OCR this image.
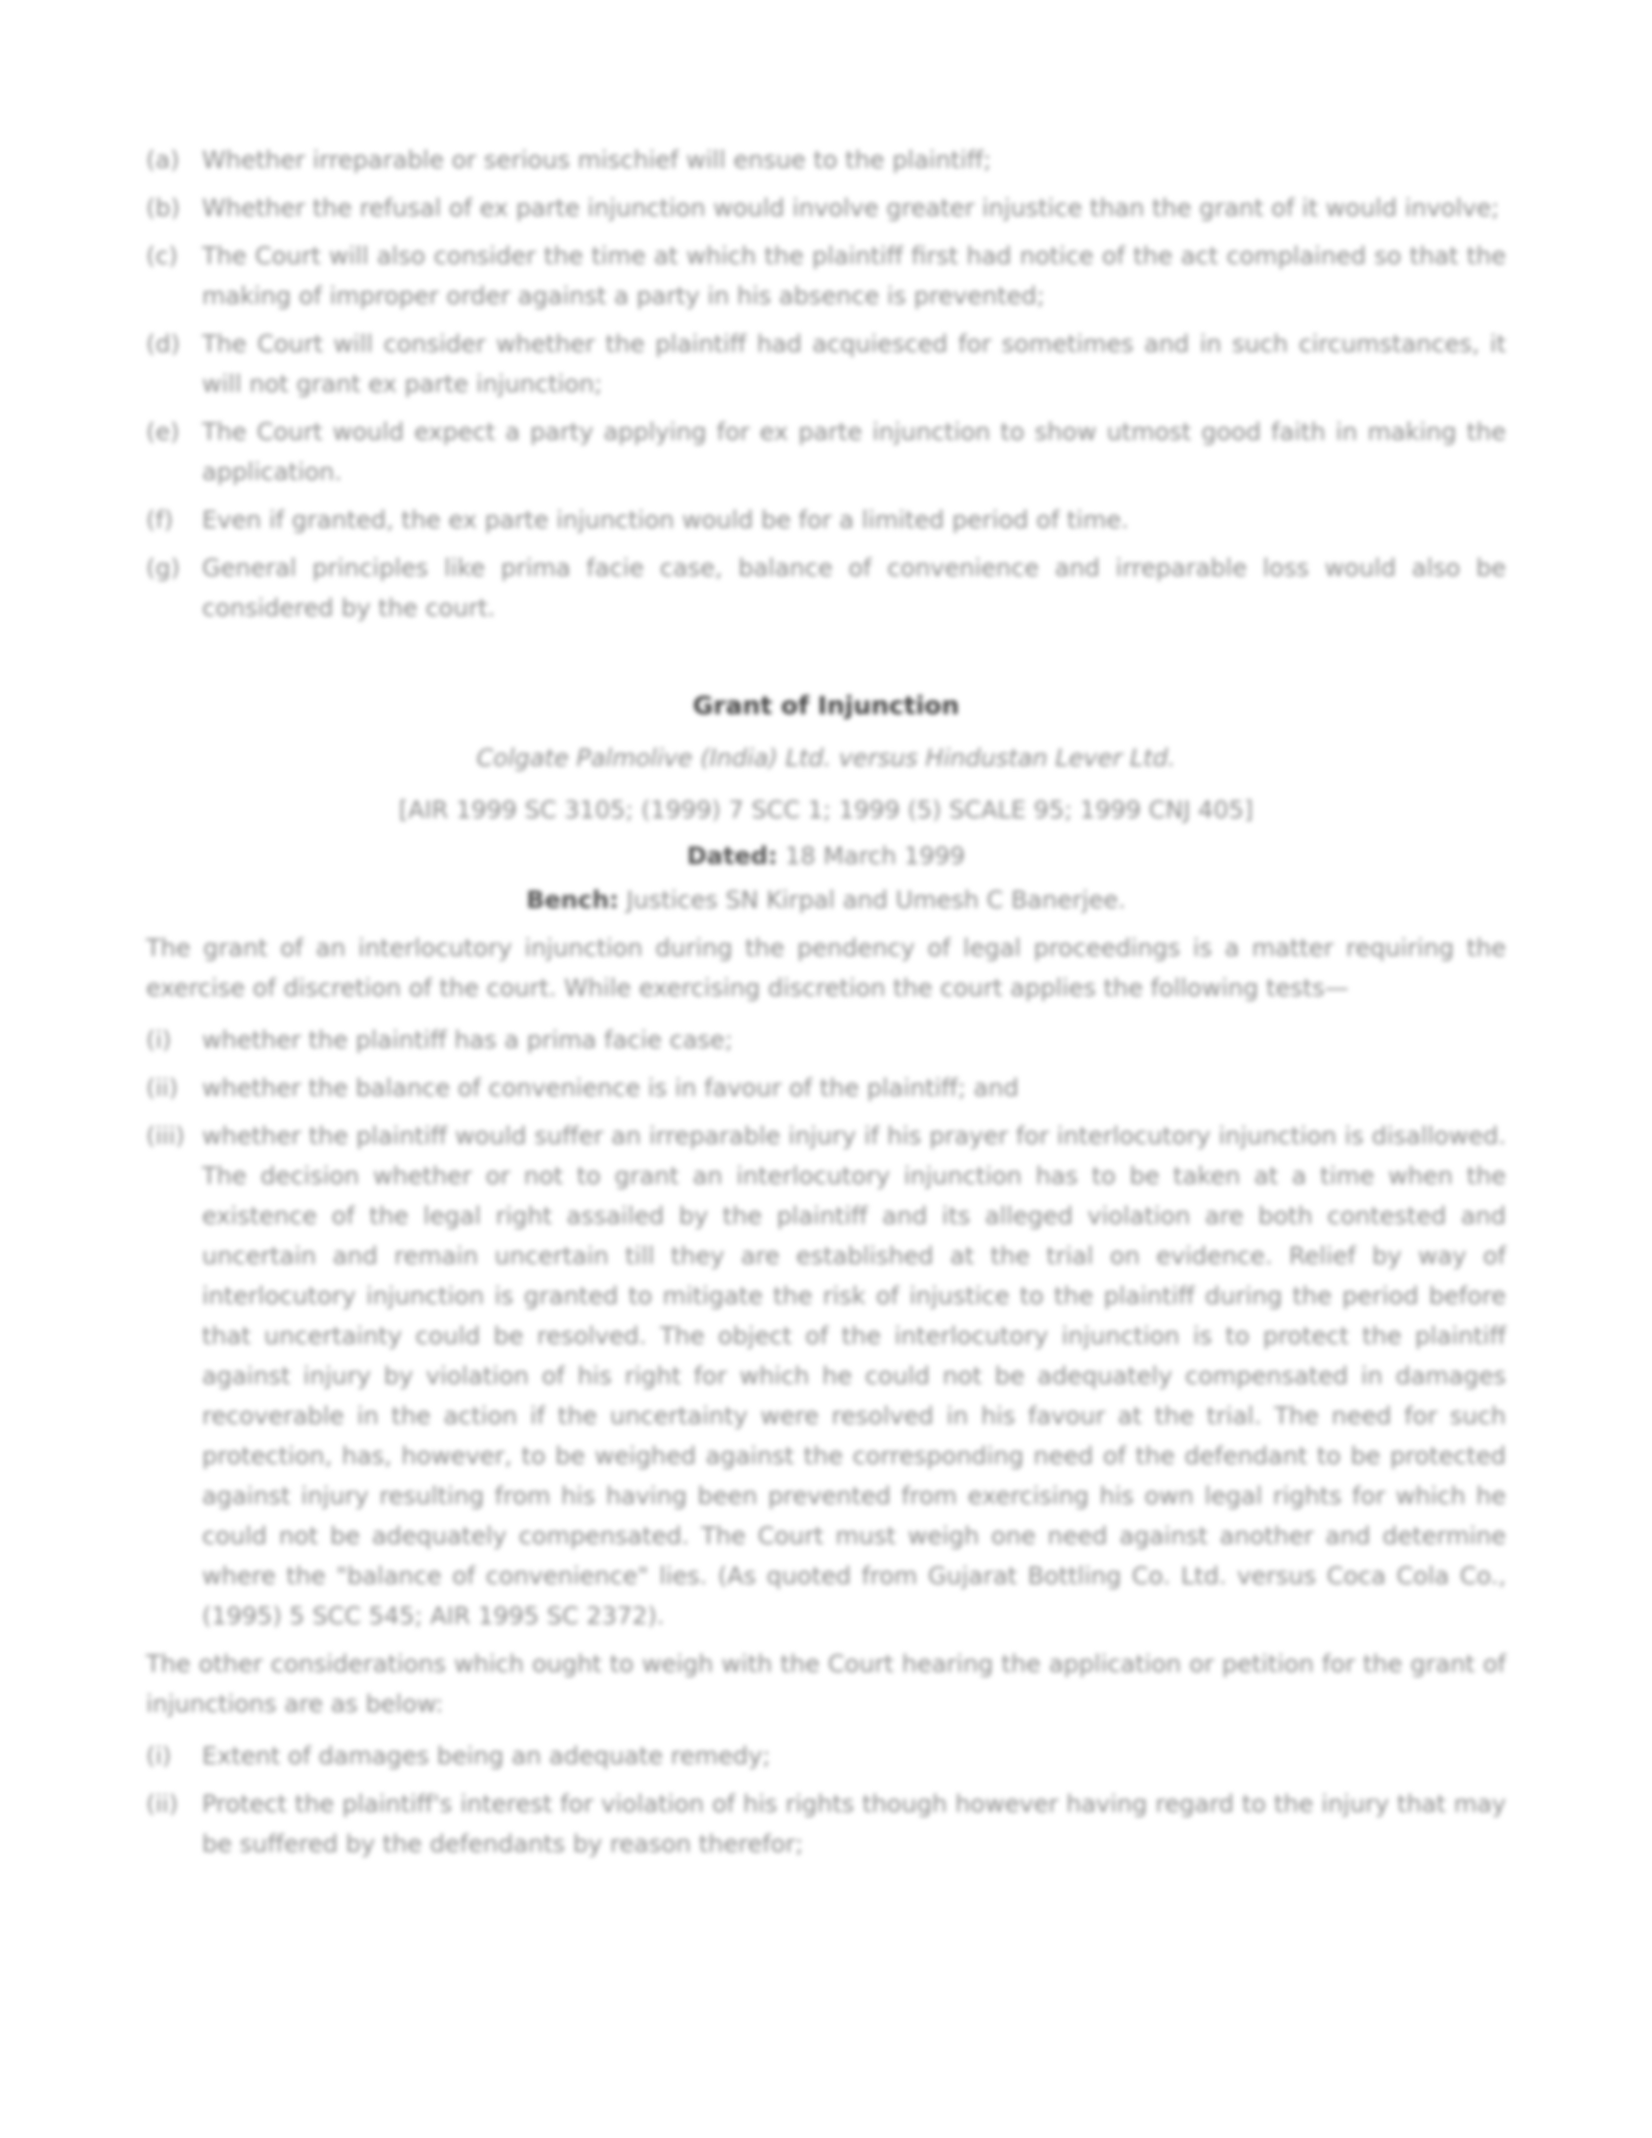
(a) Whether irreparable or serious mischief will ensue to the plaintiff;
(b) Whether the refusal of ex parte injunction would involve greater injustice than the grant of it would involve;
(c)	The Court will also consider the time at which the plaintiff first had notice of the act complained so that the making of improper order against a party in his absence is prevented;
(d) The Court will consider whether the plaintiff had acquiesced for sometimes and in such circumstances, it will not grant ex parte injunction;
(e) The Court would expect a party applying for ex parte injunction to show utmost good faith in making the application.
(f)	Even if granted, the ex parte injunction would be for a limited period of time.
(g) General principles like prima facie case, balance of convenience and irreparable loss would also be considered by the court.
Grant of Injunction
Colgate Palmolive (India) Ltd. versus Hindustan Lever Ltd.
[AIR 1999 SC 3105; (1999) 7 SCC 1; 1999 (5) SCALE 95; 1999 CNJ 405]
Dated: 18 March 1999
Bench: Justices SN Kirpal and Umesh C Banerjee.
The grant of an interlocutory injunction during the pendency of legal proceedings is a matter requiring the exercise of discretion of the court. While exercising discretion the court applies the following tests—
(i)	whether the plaintiff has a prima facie case;
(ii) whether the balance of convenience is in favour of the plaintiff; and
(iii) whether the plaintiff would suffer an irreparable injury if his prayer for interlocutory injunction is disallowed. The decision whether or not to grant an interlocutory injunction has to be taken at a time when the existence of the legal right assailed by the plaintiff and its alleged violation are both contested and uncertain and remain uncertain till they are established at the trial on evidence. Relief by way of interlocutory injunction is granted to mitigate the risk of injustice to the plaintiff during the period before that uncertainty could be resolved. The object of the interlocutory injunction is to protect the plaintiff against injury by violation of his right for which he could not be adequately compensated in damages recoverable in the action if the uncertainty were resolved in his favour at the trial. The need for such protection, has, however, to be weighed against the corresponding need of the defendant to be protected against injury resulting from his having been prevented from exercising his own legal rights for which he could not be adequately compensated. The Court must weigh one need against another and determine where the "balance of convenience" lies. (As quoted from Gujarat Bottling Co. Ltd. versus Coca Cola Co., (1995) 5 SCC 545; AIR 1995 SC 2372).
The other considerations which ought to weigh with the Court hearing the application or petition for the grant of injunctions are as below:
(i)	Extent of damages being an adequate remedy;
(ii) Protect the plaintiff's interest for violation of his rights though however having regard to the injury that may be suffered by the defendants by reason therefor;
